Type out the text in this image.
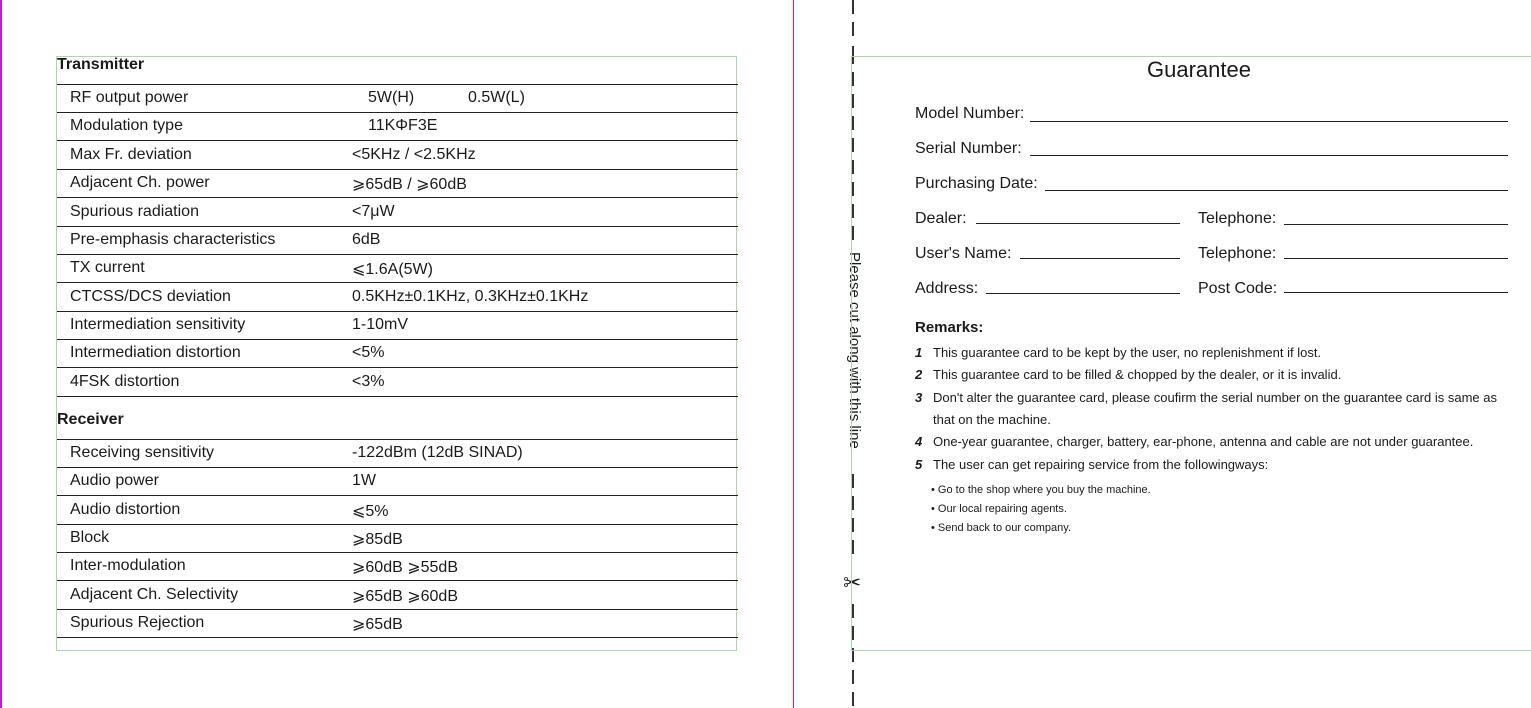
Transmitter
RF output power	5W(H)	0.5W(L)
Modulation type	11KΦF3E
Max Fr. deviation	<5KHz / <2.5KHz
Adjacent Ch. power	⩾65dB / ⩾60dB
Spurious radiation	<7μW
Pre-emphasis characteristics	6dB
TX current	⩽1.6A(5W)
CTCSS/DCS deviation	0.5KHz±0.1KHz, 0.3KHz±0.1KHz
Intermediation sensitivity	1-10mV
Intermediation distortion	<5%
4FSK distortion	<3%
Receiver
Receiving sensitivity	-122dBm (12dB SINAD)
Audio power	1W
Audio distortion	⩽5%
Block	⩾85dB
Inter-modulation	⩾60dB ⩾55dB
Adjacent Ch. Selectivity	⩾65dB ⩾60dB
Spurious Rejection	⩾65dB
Please cut along with this line
✂
Guarantee
Model Number:
Serial Number:
Purchasing Date:
Dealer:	Telephone:
User's Name:	Telephone:
Address:	Post Code:
Remarks:
1 This guarantee card to be kept by the user, no replenishment if lost.
2 This guarantee card to be filled & chopped by the dealer, or it is invalid.
3 Don't alter the guarantee card, please coufirm the serial number on the guarantee card is same as
that on the machine.
4 One-year guarantee, charger, battery, ear-phone, antenna and cable are not under guarantee.
5 The user can get repairing service from the followingways:
• Go to the shop where you buy the machine.
• Our local repairing agents.
• Send back to our company.
